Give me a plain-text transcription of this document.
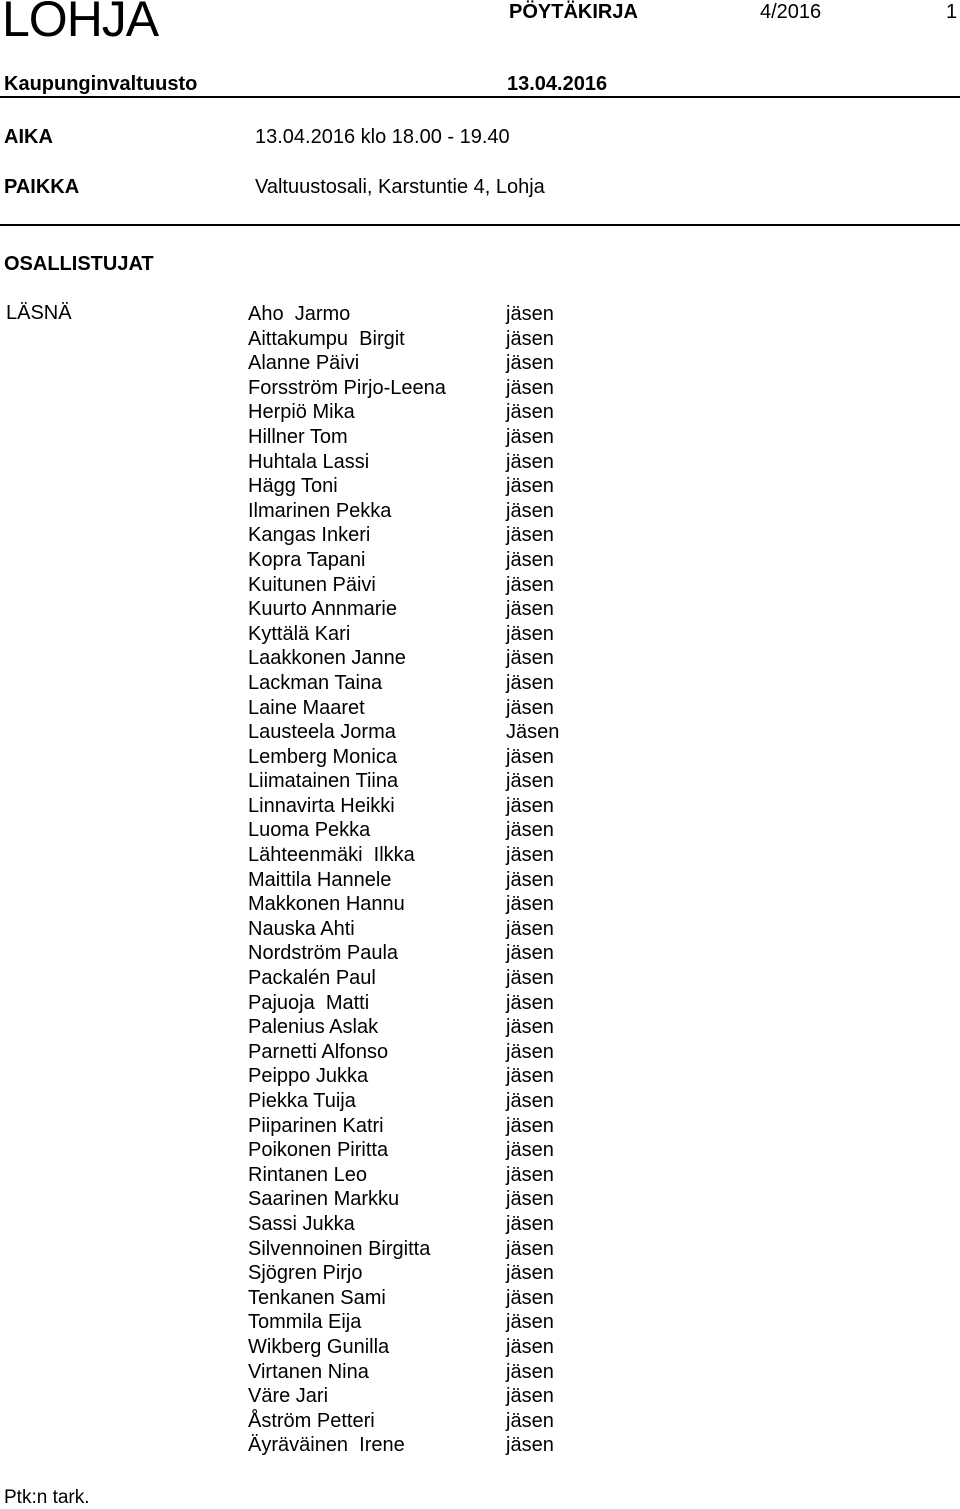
LOHJA	PÖYTÄKIRJA	4/2016	1
Kaupunginvaltuusto	13.04.2016
AIKA	13.04.2016 klo 18.00 - 19.40
PAIKKA	Valtuustosali, Karstuntie 4, Lohja
OSALLISTUJAT
LÄSNÄ	Aho  Jarmo	jäsen
Aittakumpu  Birgit	jäsen
Alanne Päivi	jäsen
Forsström Pirjo-Leena	jäsen
Herpiö Mika	jäsen
Hillner Tom	jäsen
Huhtala Lassi	jäsen
Hägg Toni	jäsen
Ilmarinen Pekka	jäsen
Kangas Inkeri	jäsen
Kopra Tapani	jäsen
Kuitunen Päivi	jäsen
Kuurto Annmarie	jäsen
Kyttälä Kari	jäsen
Laakkonen Janne	jäsen
Lackman Taina	jäsen
Laine Maaret	jäsen
Lausteela Jorma	Jäsen
Lemberg Monica	jäsen
Liimatainen Tiina	jäsen
Linnavirta Heikki	jäsen
Luoma Pekka	jäsen
Lähteenmäki  Ilkka	jäsen
Maittila Hannele	jäsen
Makkonen Hannu	jäsen
Nauska Ahti	jäsen
Nordström Paula	jäsen
Packalén Paul	jäsen
Pajuoja  Matti	jäsen
Palenius Aslak	jäsen
Parnetti Alfonso	jäsen
Peippo Jukka	jäsen
Piekka Tuija	jäsen
Piiparinen Katri	jäsen
Poikonen Piritta	jäsen
Rintanen Leo	jäsen
Saarinen Markku	jäsen
Sassi Jukka	jäsen
Silvennoinen Birgitta	jäsen
Sjögren Pirjo	jäsen
Tenkanen Sami	jäsen
Tommila Eija	jäsen
Wikberg Gunilla	jäsen
Virtanen Nina	jäsen
Väre Jari	jäsen
Åström Petteri	jäsen
Äyräväinen  Irene	jäsen
Ptk:n tark.
